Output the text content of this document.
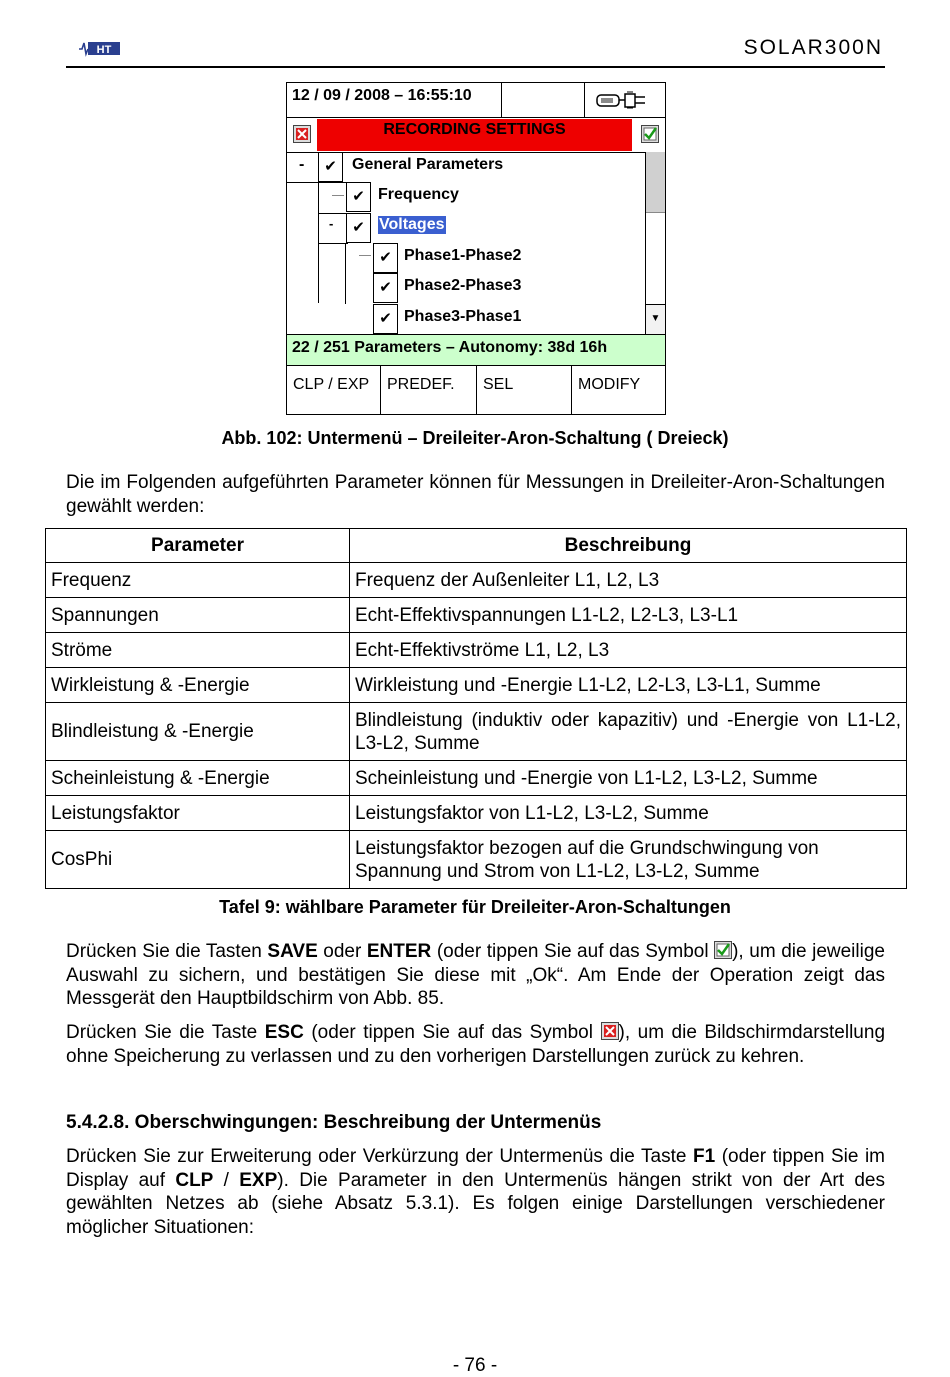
HT	SOLAR300N
12 / 09 / 2008 – 16:55:10
RECORDING SETTINGS
-	✔ General Parameters
✔ Frequency
-	✔ Voltages
✔ Phase1-Phase2
✔ Phase2-Phase3
✔ Phase3-Phase1	▼
22 / 251 Parameters – Autonomy: 38d 16h
CLP / EXP	PREDEF.	SEL	MODIFY
Abb. 102: Untermenü – Dreileiter-Aron-Schaltung ( Dreieck)
Die im Folgenden aufgeführten Parameter können für Messungen in Dreileiter-Aron-Schaltungen gewählt werden:
Parameter	Beschreibung
Frequenz	Frequenz der Außenleiter L1, L2, L3
Spannungen	Echt-Effektivspannungen L1-L2, L2-L3, L3-L1
Ströme	Echt-Effektivströme L1, L2, L3
Wirkleistung & -Energie	Wirkleistung und -Energie L1-L2, L2-L3, L3-L1, Summe
Blindleistung & -Energie	Blindleistung (induktiv oder kapazitiv) und -Energie von L1-L2, L3-L2, Summe
Scheinleistung & -Energie	Scheinleistung und -Energie von L1-L2, L3-L2, Summe
Leistungsfaktor	Leistungsfaktor von L1-L2, L3-L2, Summe
CosPhi	Leistungsfaktor bezogen auf die Grundschwingung von Spannung und Strom von L1-L2, L3-L2, Summe
Tafel 9: wählbare Parameter für Dreileiter-Aron-Schaltungen
Drücken Sie die Tasten SAVE oder ENTER (oder tippen Sie auf das Symbol ), um die jeweilige Auswahl zu sichern, und bestätigen Sie diese mit „Ok“. Am Ende der Operation zeigt das Messgerät den Hauptbildschirm von Abb. 85.
Drücken Sie die Taste ESC (oder tippen Sie auf das Symbol ), um die Bildschirmdarstellung ohne Speicherung zu verlassen und zu den vorherigen Darstellungen zurück zu kehren.
5.4.2.8. Oberschwingungen: Beschreibung der Untermenüs
Drücken Sie zur Erweiterung oder Verkürzung der Untermenüs die Taste F1 (oder tippen Sie im Display auf CLP / EXP). Die Parameter in den Untermenüs hängen strikt von der Art des gewählten Netzes ab (siehe Absatz 5.3.1). Es folgen einige Darstellungen verschiedener möglicher Situationen:
- 76 -
